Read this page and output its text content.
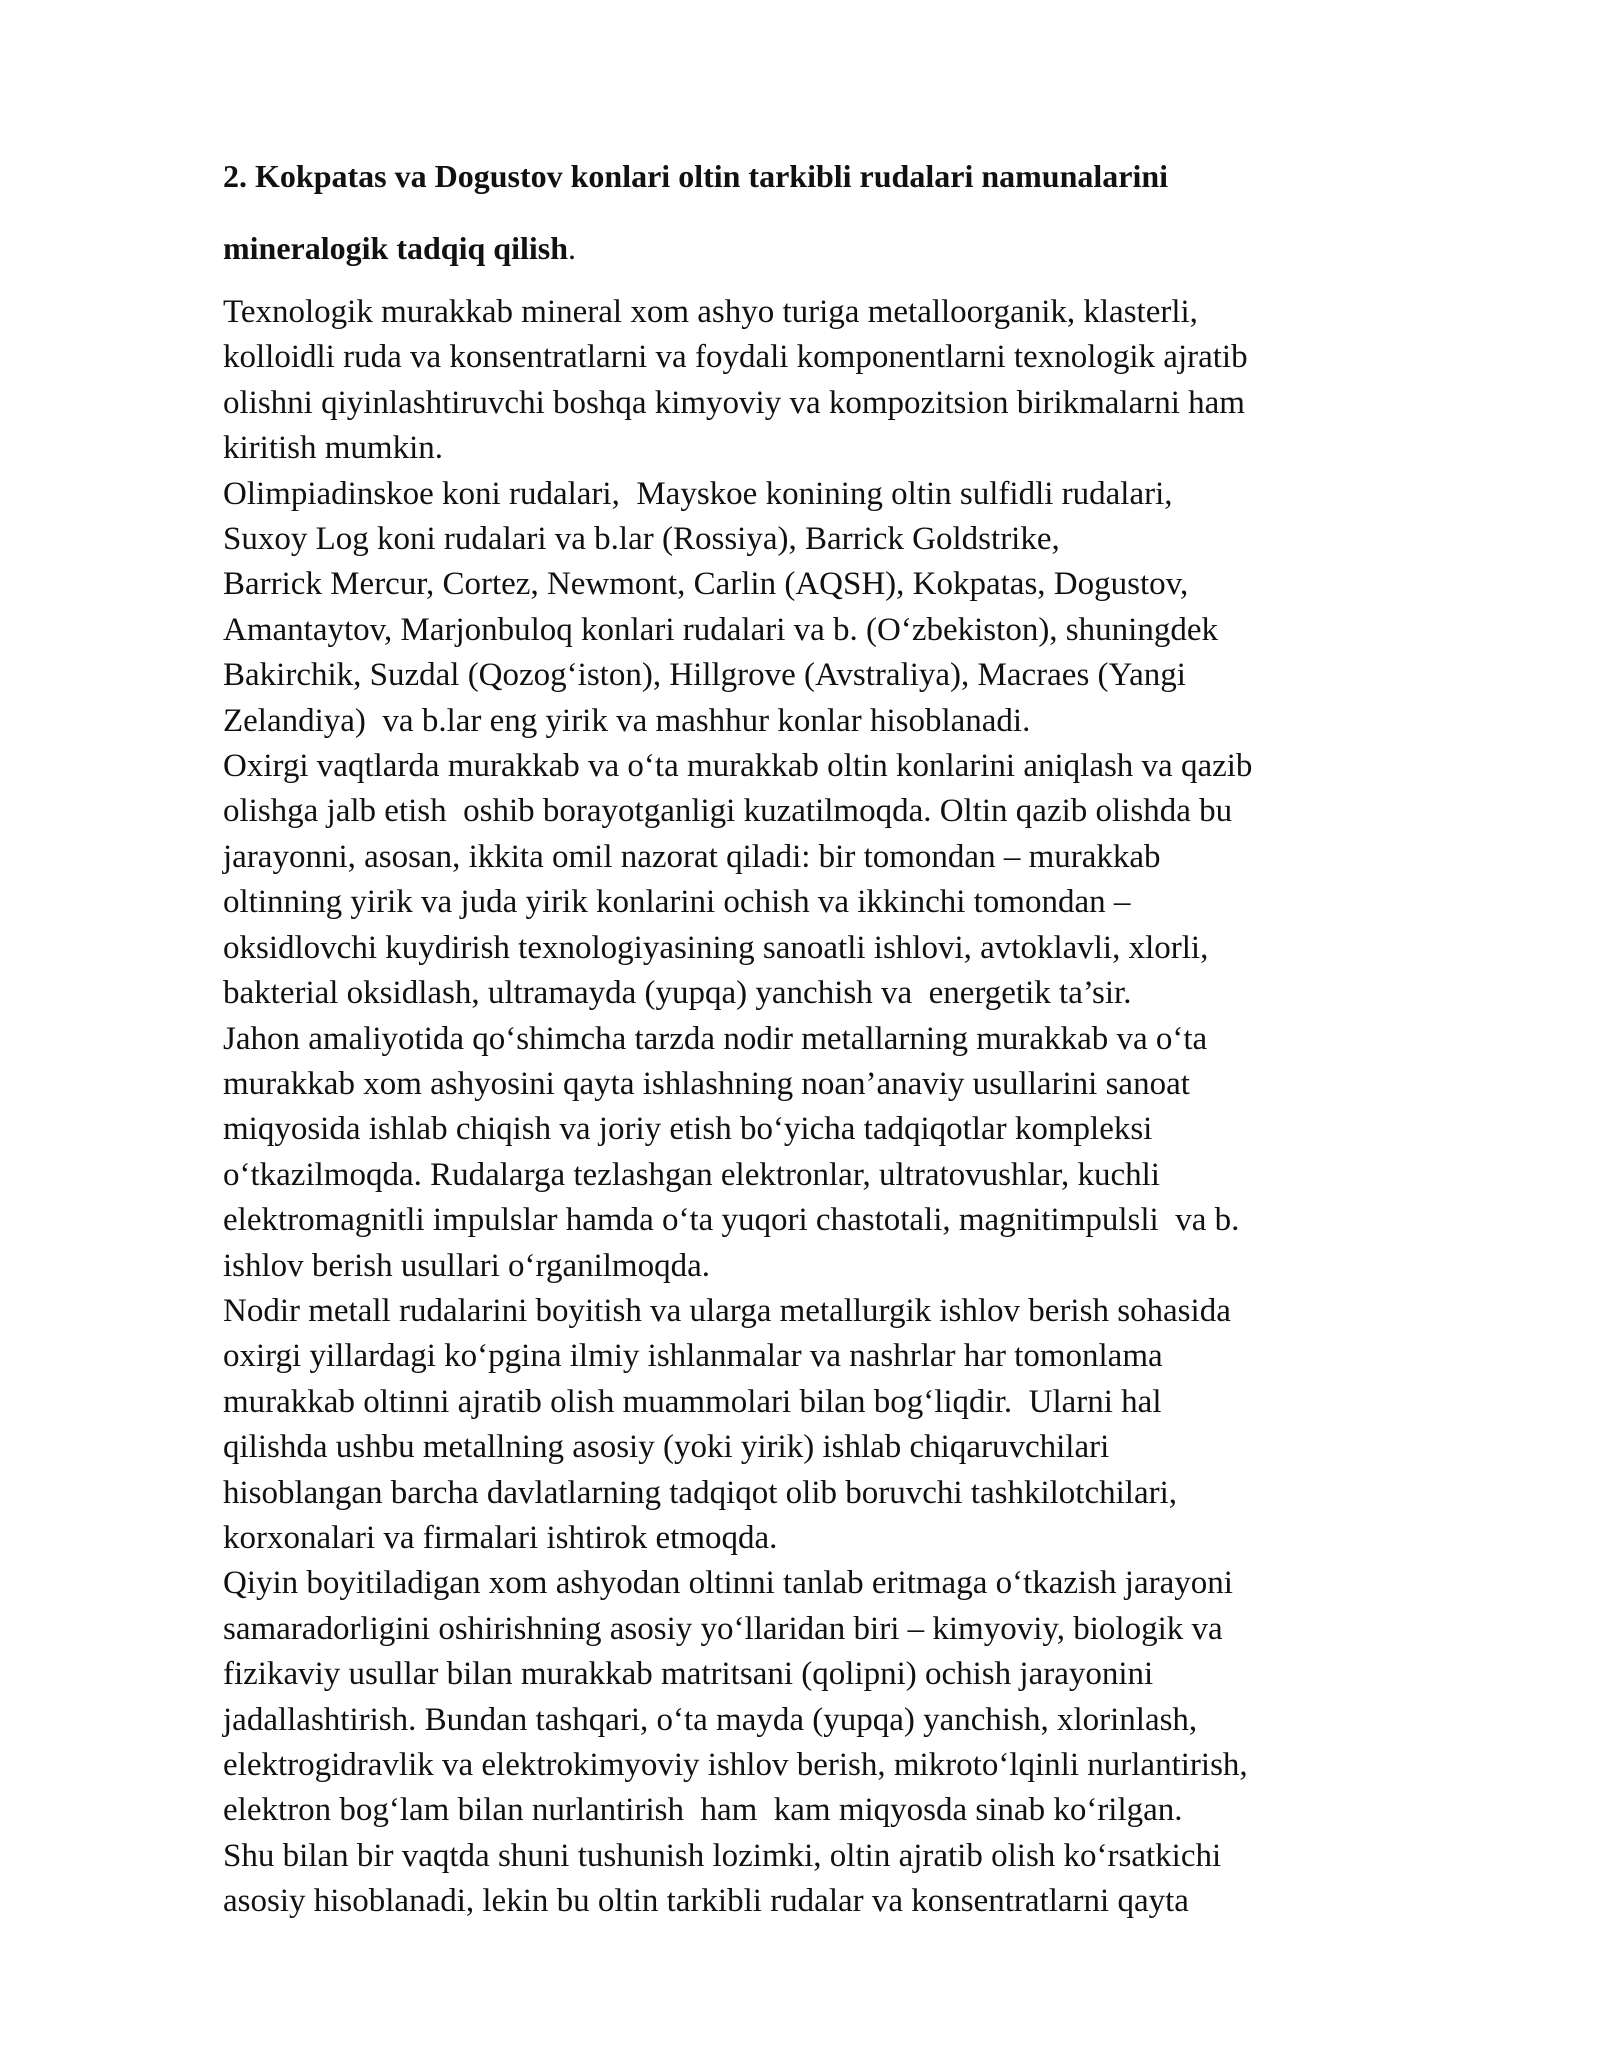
2. Kokpatas va Dogustov konlari oltin tarkibli rudalari namunalarini
mineralogik tadqiq qilish.

Texnologik murakkab mineral xom ashyo turiga metalloorganik, klasterli,
kolloidli ruda va konsentratlarni va foydali komponentlarni texnologik ajratib
olishni qiyinlashtiruvchi boshqa kimyoviy va kompozitsion birikmalarni ham
kiritish mumkin.

Olimpiadinskoe koni rudalari,  Mayskoe konining oltin sulfidli rudalari,
Suxoy Log koni rudalari va b.lar (Rossiya), Barrick Goldstrike,
Barrick Mercur, Cortez, Newmont, Carlin (AQSH), Kokpatas, Dogustov,
Amantaytov, Marjonbuloq konlari rudalari va b. (O‘zbekiston), shuningdek
Bakirchik, Suzdal (Qozog‘iston), Hillgrove (Avstraliya), Macraes (Yangi
Zelandiya)  va b.lar eng yirik va mashhur konlar hisoblanadi.

Oxirgi vaqtlarda murakkab va o‘ta murakkab oltin konlarini aniqlash va qazib
olishga jalb etish  oshib borayotganligi kuzatilmoqda. Oltin qazib olishda bu
jarayonni, asosan, ikkita omil nazorat qiladi: bir tomondan – murakkab
oltinning yirik va juda yirik konlarini ochish va ikkinchi tomondan –
oksidlovchi kuydirish texnologiyasining sanoatli ishlovi, avtoklavli, xlorli,
bakterial oksidlash, ultramayda (yupqa) yanchish va  energetik ta’sir.

Jahon amaliyotida qo‘shimcha tarzda nodir metallarning murakkab va o‘ta
murakkab xom ashyosini qayta ishlashning noan’anaviy usullarini sanoat
miqyosida ishlab chiqish va joriy etish bo‘yicha tadqiqotlar kompleksi
o‘tkazilmoqda. Rudalarga tezlashgan elektronlar, ultratovushlar, kuchli
elektromagnitli impulslar hamda o‘ta yuqori chastotali, magnitimpulsli  va b.
ishlov berish usullari o‘rganilmoqda.

Nodir metall rudalarini boyitish va ularga metallurgik ishlov berish sohasida
oxirgi yillardagi ko‘pgina ilmiy ishlanmalar va nashrlar har tomonlama
murakkab oltinni ajratib olish muammolari bilan bog‘liqdir.  Ularni hal
qilishda ushbu metallning asosiy (yoki yirik) ishlab chiqaruvchilari
hisoblangan barcha davlatlarning tadqiqot olib boruvchi tashkilotchilari,
korxonalari va firmalari ishtirok etmoqda.

Qiyin boyitiladigan xom ashyodan oltinni tanlab eritmaga o‘tkazish jarayoni
samaradorligini oshirishning asosiy yo‘llaridan biri – kimyoviy, biologik va
fizikaviy usullar bilan murakkab matritsani (qolipni) ochish jarayonini
jadallashtirish. Bundan tashqari, o‘ta mayda (yupqa) yanchish, xlorinlash,
elektrogidravlik va elektrokimyoviy ishlov berish, mikroto‘lqinli nurlantirish,
elektron bog‘lam bilan nurlantirish  ham  kam miqyosda sinab ko‘rilgan.

Shu bilan bir vaqtda shuni tushunish lozimki, oltin ajratib olish ko‘rsatkichi
asosiy hisoblanadi, lekin bu oltin tarkibli rudalar va konsentratlarni qayta
